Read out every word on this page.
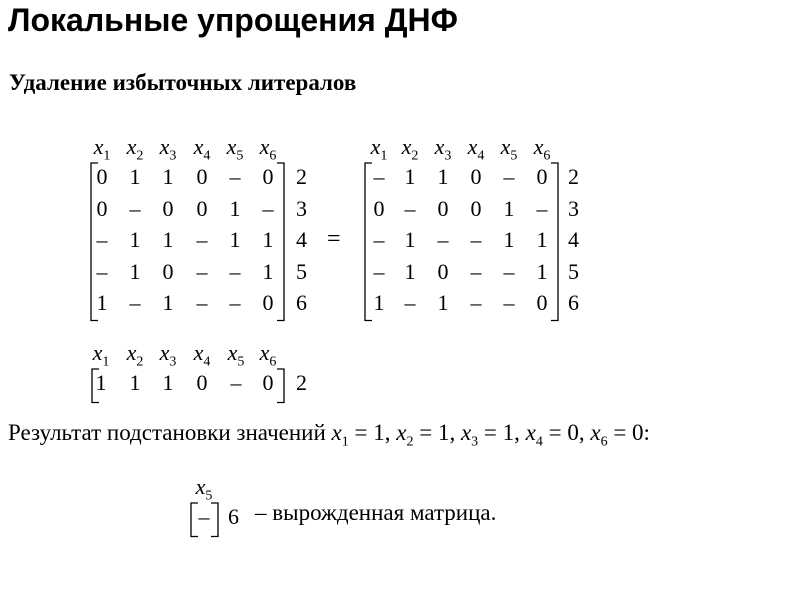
Локальные упрощения ДНФ
Удаление избыточных литералов
$x_1$ $x_2$ $x_3$ $x_4$ $x_5$ $x_6$
0 1 1 0 – 0 2
0 – 0 0 1 – 3
– 1 1 – 1 1 4
– 1 0 – – 1 5
1 – 1 – – 0 6
=
$x_1$ $x_2$ $x_3$ $x_4$ $x_5$ $x_6$
– 1 1 0 – 0 2
0 – 0 0 1 – 3
– 1 – – 1 1 4
– 1 0 – – 1 5
1 – 1 – – 0 6
$x_1$ $x_2$ $x_3$ $x_4$ $x_5$ $x_6$
1 1 1 0 – 0 2
Результат подстановки значений $x_1 = 1$, $x_2 = 1$, $x_3 = 1$, $x_4 = 0$, $x_6 = 0$:
$x_5$
– 6 – вырожденная матрица.
